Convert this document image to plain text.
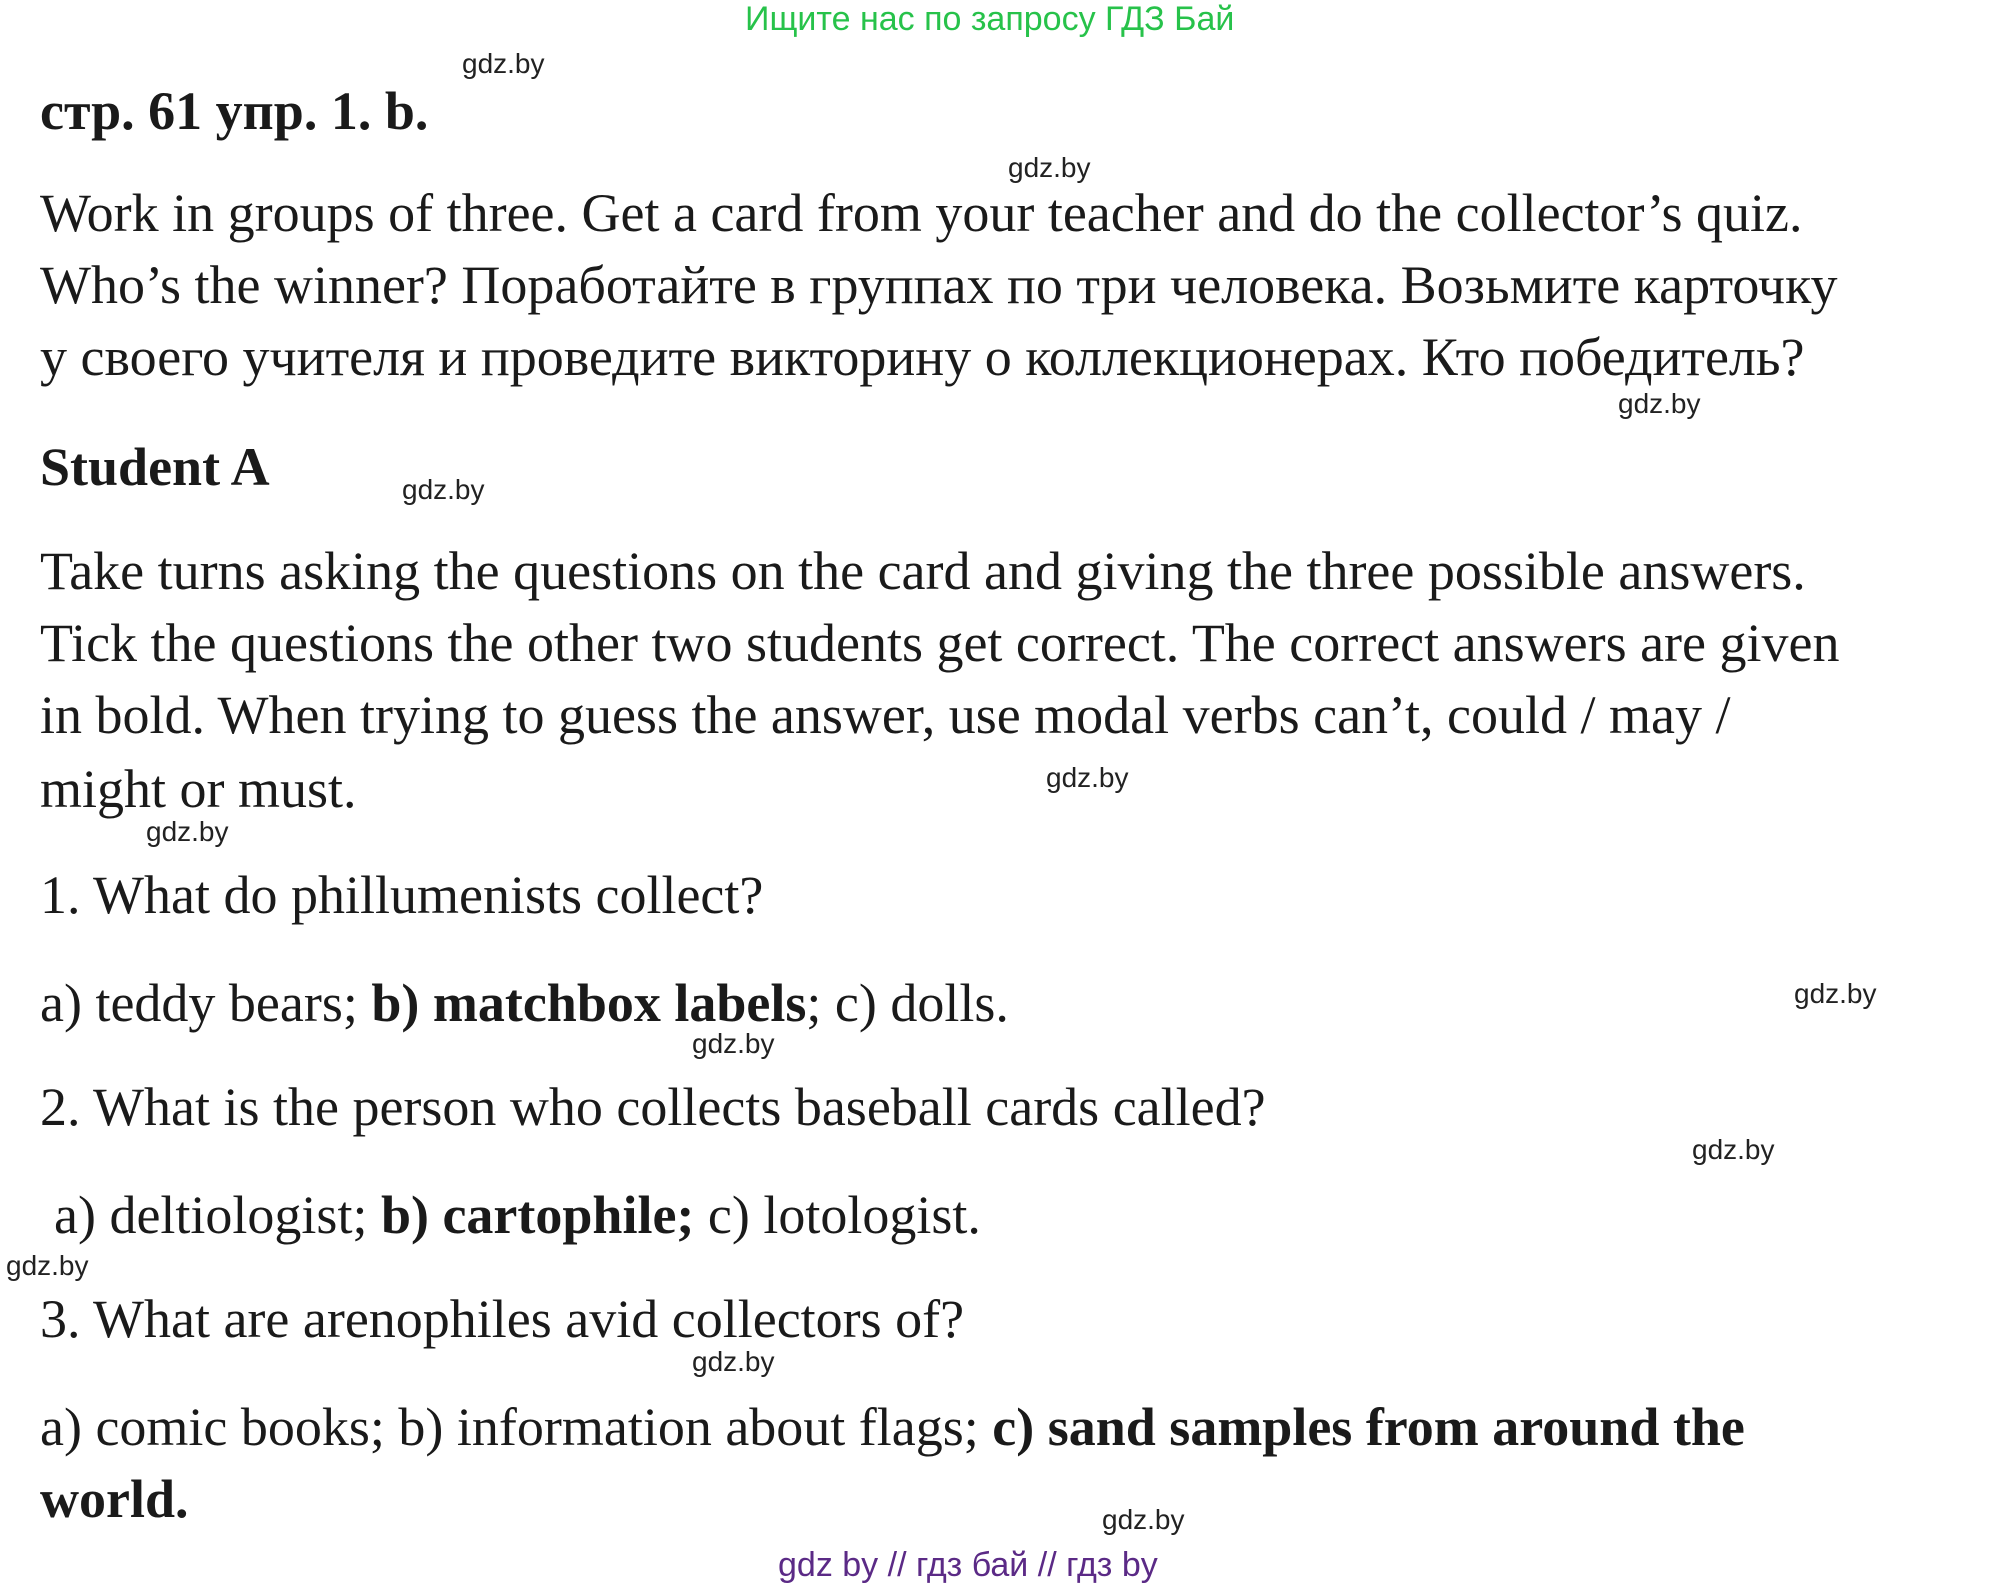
Ищите нас по запросу ГДЗ Бай
стр. 61 упр. 1. b.
Work in groups of three. Get a card from your teacher and do the collector’s quiz.
Who’s the winner? Поработайте в группах по три человека. Возьмите карточку
у своего учителя и проведите викторину о коллекционерах. Кто победитель?
Student A
Take turns asking the questions on the card and giving the three possible answers.
Tick the questions the other two students get correct. The correct answers are given
in bold. When trying to guess the answer, use modal verbs can’t, could / may /
might or must.
1. What do phillumenists collect?
a) teddy bears; b) matchbox labels; c) dolls.
2. What is the person who collects baseball cards called?
a) deltiologist; b) cartophile; c) lotologist.
3. What are arenophiles avid collectors of?
a) comic books; b) information about flags; c) sand samples from around the
world.
gdz.by
gdz.by
gdz.by
gdz.by
gdz.by
gdz.by
gdz.by
gdz.by
gdz.by
gdz.by
gdz.by
gdz.by
gdz by // гдз бай // гдз by
